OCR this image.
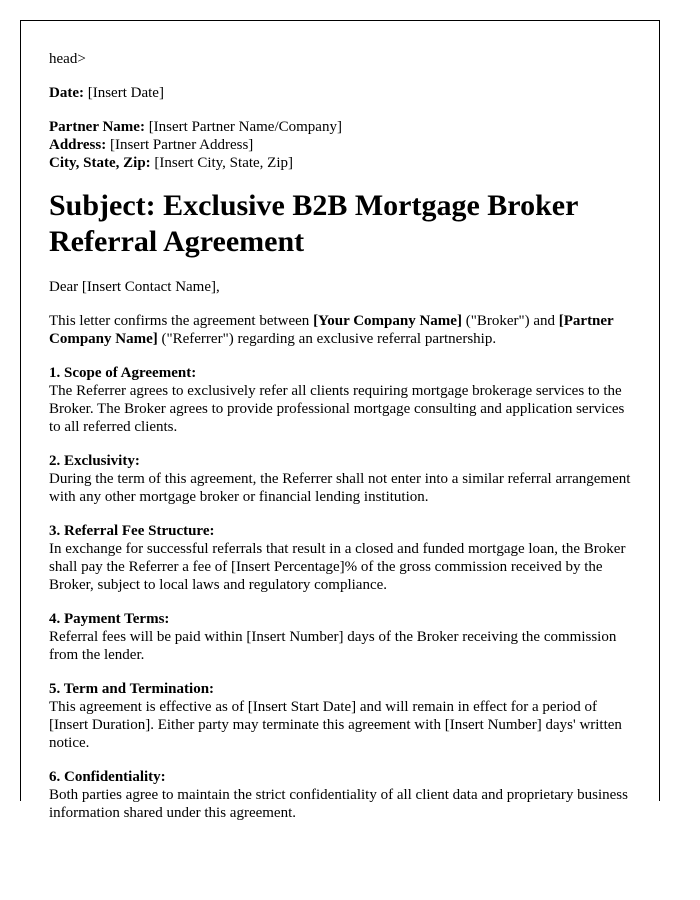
head>
Date: [Insert Date]
Partner Name: [Insert Partner Name/Company]
Address: [Insert Partner Address]
City, State, Zip: [Insert City, State, Zip]
Subject: Exclusive B2B Mortgage Broker Referral Agreement
Dear [Insert Contact Name],
This letter confirms the agreement between [Your Company Name] ("Broker") and [Partner Company Name] ("Referrer") regarding an exclusive referral partnership.
1. Scope of Agreement:
The Referrer agrees to exclusively refer all clients requiring mortgage brokerage services to the Broker. The Broker agrees to provide professional mortgage consulting and application services to all referred clients.
2. Exclusivity:
During the term of this agreement, the Referrer shall not enter into a similar referral arrangement with any other mortgage broker or financial lending institution.
3. Referral Fee Structure:
In exchange for successful referrals that result in a closed and funded mortgage loan, the Broker shall pay the Referrer a fee of [Insert Percentage]% of the gross commission received by the Broker, subject to local laws and regulatory compliance.
4. Payment Terms:
Referral fees will be paid within [Insert Number] days of the Broker receiving the commission from the lender.
5. Term and Termination:
This agreement is effective as of [Insert Start Date] and will remain in effect for a period of [Insert Duration]. Either party may terminate this agreement with [Insert Number] days' written notice.
6. Confidentiality:
Both parties agree to maintain the strict confidentiality of all client data and proprietary business information shared under this agreement.
